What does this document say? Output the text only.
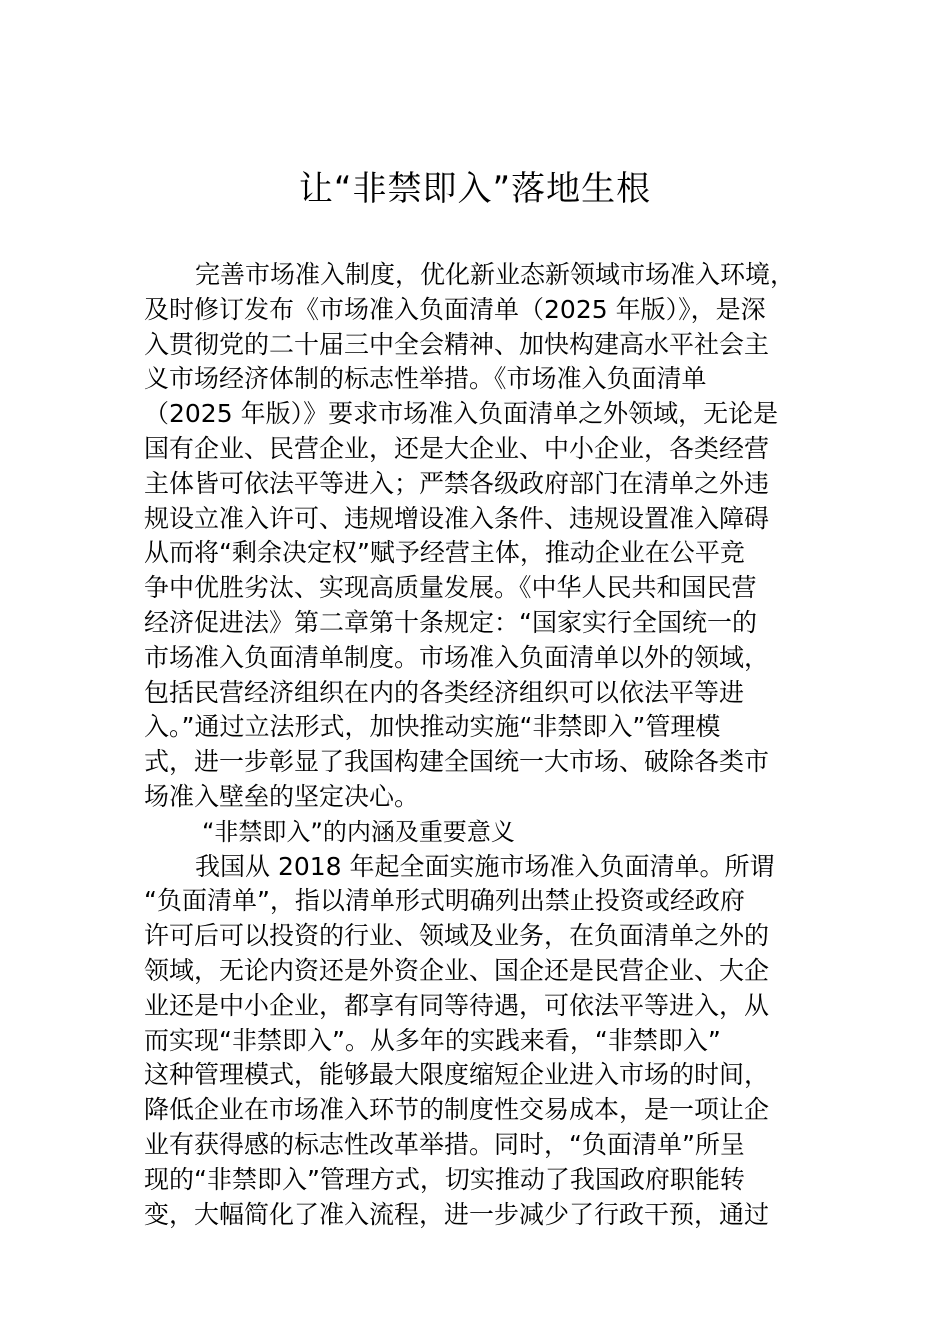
让“非禁即入”落地生根
完善市场准入制度，优化新业态新领域市场准入环境，
及时修订发布《市场准入负面清单（2025 年版）》，是深
入贯彻党的二十届三中全会精神、加快构建高水平社会主
义市场经济体制的标志性举措。《市场准入负面清单
（2025 年版）》要求市场准入负面清单之外领域，无论是
国有企业、民营企业，还是大企业、中小企业，各类经营
主体皆可依法平等进入；严禁各级政府部门在清单之外违
规设立准入许可、违规增设准入条件、违规设置准入障碍
从而将“剩余决定权”赋予经营主体，推动企业在公平竞
争中优胜劣汰、实现高质量发展。《中华人民共和国民营
经济促进法》第二章第十条规定：“国家实行全国统一的
市场准入负面清单制度。市场准入负面清单以外的领域，
包括民营经济组织在内的各类经济组织可以依法平等进
入。”通过立法形式，加快推动实施“非禁即入”管理模
式，进一步彰显了我国构建全国统一大市场、破除各类市
场准入壁垒的坚定决心。
“非禁即入”的内涵及重要意义
我国从 2018 年起全面实施市场准入负面清单。所谓
“负面清单”，指以清单形式明确列出禁止投资或经政府
许可后可以投资的行业、领域及业务，在负面清单之外的
领域，无论内资还是外资企业、国企还是民营企业、大企
业还是中小企业，都享有同等待遇，可依法平等进入，从
而实现“非禁即入”。从多年的实践来看，“非禁即入”
这种管理模式，能够最大限度缩短企业进入市场的时间，
降低企业在市场准入环节的制度性交易成本，是一项让企
业有获得感的标志性改革举措。同时，“负面清单”所呈
现的“非禁即入”管理方式，切实推动了我国政府职能转
变，大幅简化了准入流程，进一步减少了行政干预，通过
